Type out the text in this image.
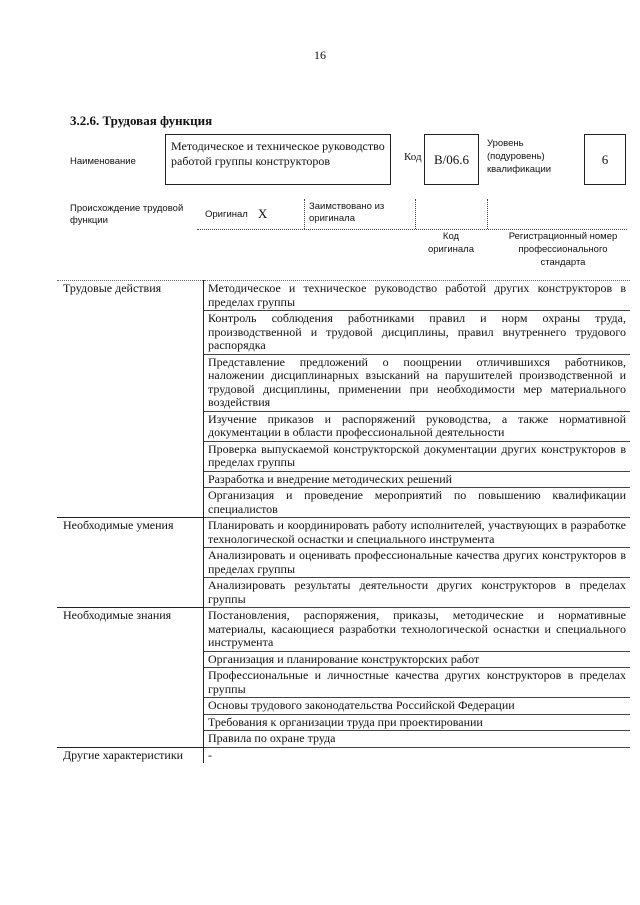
16
3.2.6. Трудовая функция
Наименование
Методическое и техническое руководство работой группы конструкторов	Код B/06.6
Уровень
(подуровень)
квалификации
6
Происхождение трудовой
функции
Оригинал X	Заимствовано из
оригинала
Код
оригинала
Регистрационный номер
профессионального
стандарта
Трудовые действия	Методическое и техническое руководство работой других конструкторов в пределах группы
	Контроль соблюдения работниками правил и норм охраны труда, производственной и трудовой дисциплины, правил внутреннего трудового распорядка
	Представление предложений о поощрении отличившихся работников, наложении дисциплинарных взысканий на парушителей производственной и трудовой дисциплины, применении при необходимости мер материального воздействия
	Изучение приказов и распоряжений руководства, а также нормативной документации в области профессиональной деятельности
	Проверка выпускаемой конструкторской документации других конструкторов в пределах группы
	Разработка и внедрение методических решений
	Организация и проведение мероприятий по повышению квалификации специалистов
Необходимые умения	Планировать и координировать работу исполнителей, участвующих в разработке технологической оснастки и специального инструмента
	Анализировать и оценивать профессиональные качества других конструкторов в пределах группы
	Анализировать результаты деятельности других конструкторов в пределах группы
Необходимые знания	Постановления, распоряжения, приказы, методические и нормативные материалы, касающиеся разработки технологической оснастки и специального инструмента
	Организация и планирование конструкторских работ
	Профессиональные и личностные качества других конструкторов в пределах группы
	Основы трудового законодательства Российской Федерации
	Требования к организации труда при проектировании
	Правила по охране труда
Другие характеристики	-
